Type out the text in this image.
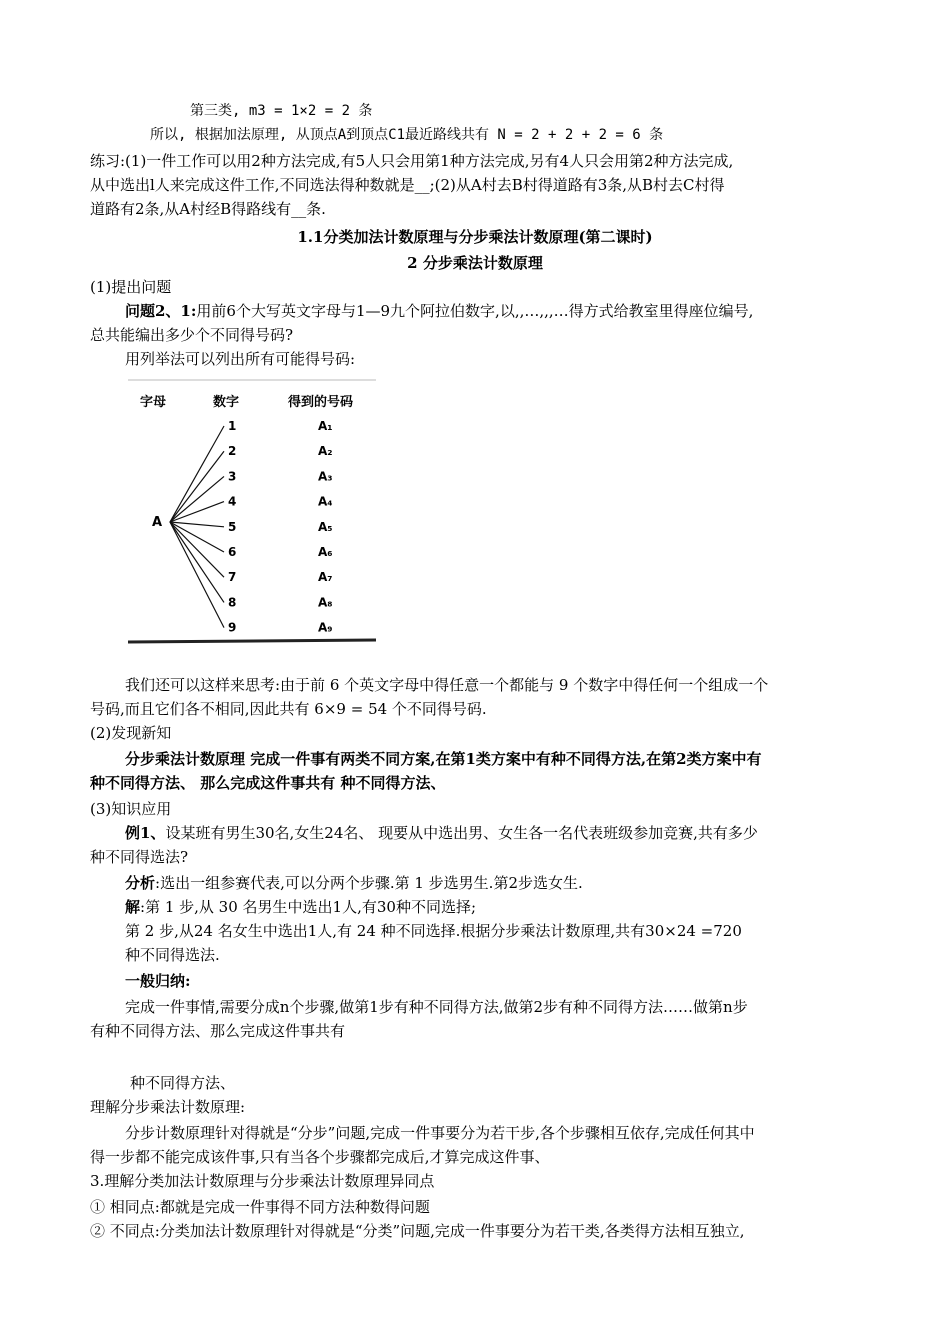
第三类, m3 = 1×2 = 2 条
所以, 根据加法原理, 从顶点A到顶点C1最近路线共有 N = 2 + 2 + 2 = 6 条
练习:(1)一件工作可以用2种方法完成,有5人只会用第1种方法完成,另有4人只会用第2种方法完成,
从中选出l人来完成这件工作,不同选法得种数就是__;(2)从A村去B村得道路有3条,从B村去C村得
道路有2条,从A村经B得路线有__条.
1.1分类加法计数原理与分步乘法计数原理(第二课时)
2 分步乘法计数原理
(1)提出问题
问题2、1:用前6个大写英文字母与1—9九个阿拉伯数字,以,,…,,,…得方式给教室里得座位编号,
总共能编出多少个不同得号码?
用列举法可以列出所有可能得号码:
字母	数字	得到的号码
A
1	A₁
2	A₂
3	A₃
4	A₄
5	A₅
6	A₆
7	A₇
8	A₈
9	A₉
我们还可以这样来思考:由于前 6 个英文字母中得任意一个都能与 9 个数字中得任何一个组成一个
号码,而且它们各不相同,因此共有 6×9 = 54 个不同得号码.
(2)发现新知
分步乘法计数原理 完成一件事有两类不同方案,在第1类方案中有种不同得方法,在第2类方案中有
种不同得方法、 那么完成这件事共有 种不同得方法、
(3)知识应用
例1、设某班有男生30名,女生24名、 现要从中选出男、女生各一名代表班级参加竞赛,共有多少
种不同得选法?
分析:选出一组参赛代表,可以分两个步骤.第 1 步选男生.第2步选女生.
解:第 1 步,从 30 名男生中选出1人,有30种不同选择;
第 2 步,从24 名女生中选出1人,有 24 种不同选择.根据分步乘法计数原理,共有30×24 =720
种不同得选法.
一般归纳:
完成一件事情,需要分成n个步骤,做第1步有种不同得方法,做第2步有种不同得方法……做第n步
有种不同得方法、那么完成这件事共有
种不同得方法、
理解分步乘法计数原理:
分步计数原理针对得就是“分步”问题,完成一件事要分为若干步,各个步骤相互依存,完成任何其中
得一步都不能完成该件事,只有当各个步骤都完成后,才算完成这件事、
3.理解分类加法计数原理与分步乘法计数原理异同点
① 相同点:都就是完成一件事得不同方法种数得问题
② 不同点:分类加法计数原理针对得就是“分类”问题,完成一件事要分为若干类,各类得方法相互独立,
